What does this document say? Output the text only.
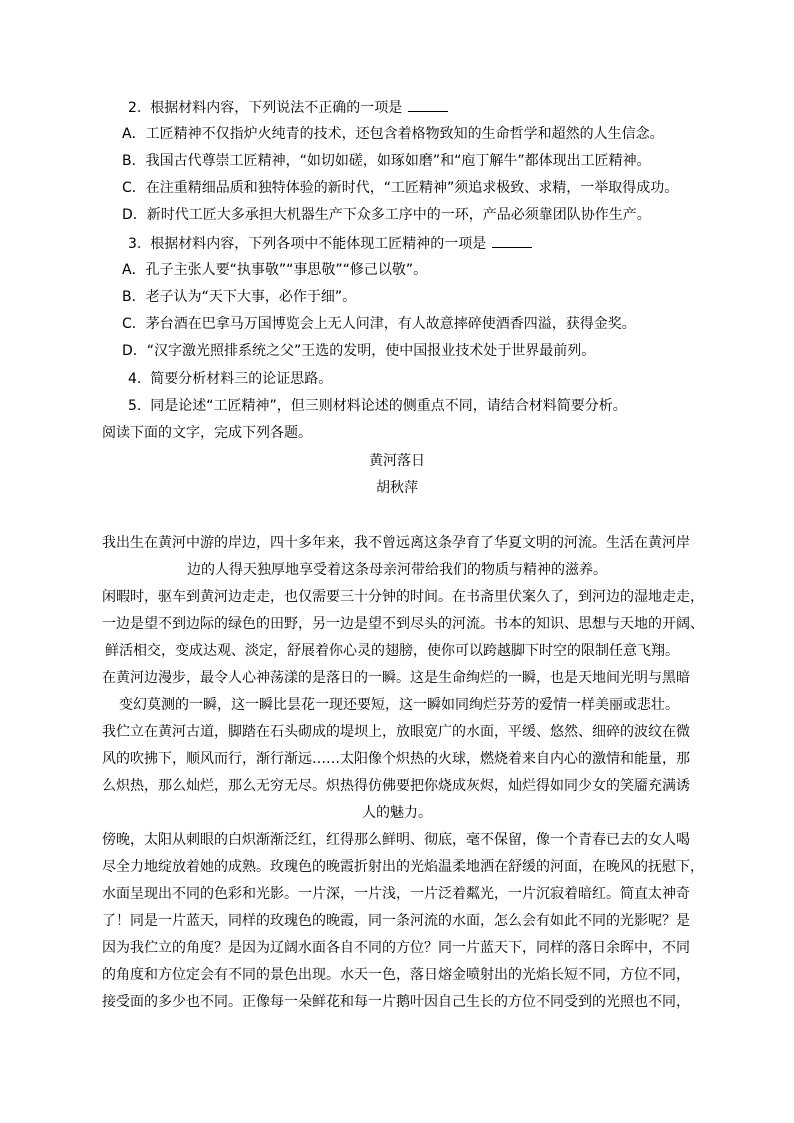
2.  根据材料内容，下列说法不正确的一项是
A．工匠精神不仅指炉火纯青的技术，还包含着格物致知的生命哲学和超然的人生信念。
B．我国古代尊崇工匠精神，“如切如磋，如琢如磨”和“庖丁解牛”都体现出工匠精神。
C．在注重精细品质和独特体验的新时代，“工匠精神”须追求极致、求精，一举取得成功。
D．新时代工匠大多承担大机器生产下众多工序中的一环，产品必须靠团队协作生产。
3.  根据材料内容，下列各项中不能体现工匠精神的一项是
A．孔子主张人要“执事敬”“事思敬”“修己以敬”。
B．老子认为“天下大事，必作于细”。
C．茅台酒在巴拿马万国博览会上无人问津，有人故意摔碎使酒香四溢，获得金奖。
D．“汉字激光照排系统之父”王选的发明，使中国报业技术处于世界最前列。
4.  简要分析材料三的论证思路。
5.  同是论述“工匠精神”，但三则材料论述的侧重点不同，请结合材料简要分析。
阅读下面的文字，完成下列各题。
黄河落日
胡秋萍
我出生在黄河中游的岸边，四十多年来，我不曾远离这条孕育了华夏文明的河流。生活在黄河岸
边的人得天独厚地享受着这条母亲河带给我们的物质与精神的滋养。
闲暇时，驱车到黄河边走走，也仅需要三十分钟的时间。在书斋里伏案久了，到河边的湿地走走，
一边是望不到边际的绿色的田野，另一边是望不到尽头的河流。书本的知识、思想与天地的开阔、
鲜活相交，变成达观、淡定，舒展着你心灵的翅膀，使你可以跨越脚下时空的限制任意飞翔。
在黄河边漫步，最令人心神荡漾的是落日的一瞬。这是生命绚烂的一瞬，也是天地间光明与黑暗
变幻莫测的一瞬，这一瞬比昙花一现还要短，这一瞬如同绚烂芬芳的爱情一样美丽或悲壮。
我伫立在黄河古道，脚踏在石头砌成的堤坝上，放眼宽广的水面，平缓、悠然、细碎的波纹在微
风的吹拂下，顺风而行，渐行渐远……太阳像个炽热的火球，燃烧着来自内心的激情和能量，那
么炽热，那么灿烂，那么无穷无尽。炽热得仿佛要把你烧成灰烬，灿烂得如同少女的笑靥充满诱
人的魅力。
傍晚，太阳从刺眼的白炽渐渐泛红，红得那么鲜明、彻底，毫不保留，像一个青春已去的女人喝
尽全力地绽放着她的成熟。玫瑰色的晚霞折射出的光焰温柔地洒在舒缓的河面，在晚风的抚慰下，
水面呈现出不同的色彩和光影。一片深，一片浅，一片泛着粼光，一片沉寂着暗红。简直太神奇
了！同是一片蓝天，同样的玫瑰色的晚霞，同一条河流的水面，怎么会有如此不同的光影呢？是
因为我伫立的角度？是因为辽阔水面各自不同的方位？同一片蓝天下，同样的落日余晖中，不同
的角度和方位定会有不同的景色出现。水天一色，落日熔金喷射出的光焰长短不同，方位不同，
接受面的多少也不同。正像每一朵鲜花和每一片鹅叶因自己生长的方位不同受到的光照也不同，
